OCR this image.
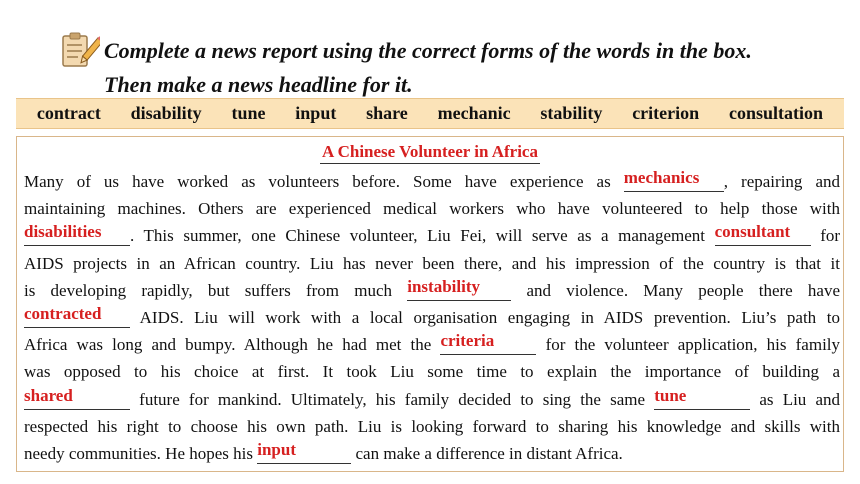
Complete a news report using the correct forms of the words in the box.
Then make a news headline for it.
contract disability tune input share mechanic stability criterion consultation
A Chinese Volunteer in Africa
Many of us have worked as volunteers before. Some have experience as mechanics , repairing and
maintaining machines. Others are experienced medical workers who have volunteered to help those with
disabilities . This summer, one Chinese volunteer, Liu Fei, will serve as a management consultant for
AIDS projects in an African country. Liu has never been there, and his impression of the country is that it
is developing rapidly, but suffers from much instability	and violence. Many people there have
contracted AIDS. Liu will work with a local organisation engaging in AIDS prevention. Liu’s path to
Africa was long and bumpy. Although he had met the criteria	for the volunteer application, his family
was opposed to his choice at first. It took Liu some time to explain the importance of building a
shared	future for mankind. Ultimately, his family decided to sing the same tune	as Liu and
respected his right to choose his own path. Liu is looking forward to sharing his knowledge and skills with
needy communities. He hopes his input	can make a difference in distant Africa.
